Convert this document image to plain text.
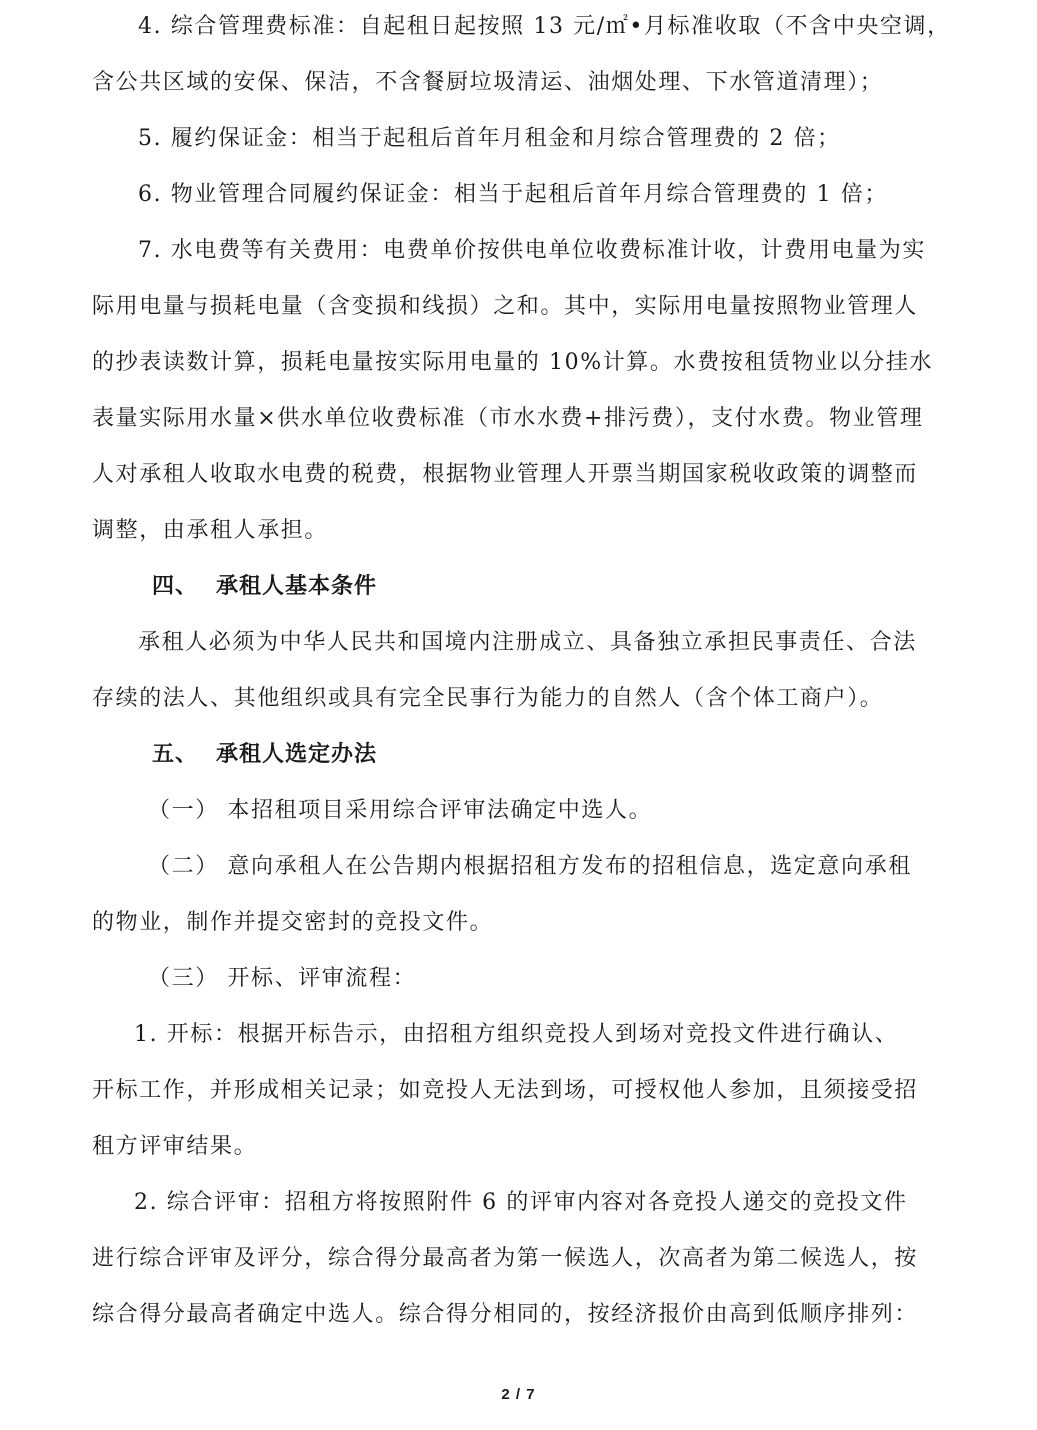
4. 综合管理费标准：自起租日起按照 13 元/㎡•月标准收取（不含中央空调，
含公共区域的安保、保洁，不含餐厨垃圾清运、油烟处理、下水管道清理）；
5. 履约保证金：相当于起租后首年月租金和月综合管理费的 2 倍；
6. 物业管理合同履约保证金：相当于起租后首年月综合管理费的 1 倍；
7. 水电费等有关费用：电费单价按供电单位收费标准计收，计费用电量为实
际用电量与损耗电量（含变损和线损）之和。其中，实际用电量按照物业管理人
的抄表读数计算，损耗电量按实际用电量的 10%计算。水费按租赁物业以分挂水
表量实际用水量×供水单位收费标准（市水水费+排污费），支付水费。物业管理
人对承租人收取水电费的税费，根据物业管理人开票当期国家税收政策的调整而
调整，由承租人承担。
四、 承租人基本条件
承租人必须为中华人民共和国境内注册成立、具备独立承担民事责任、合法
存续的法人、其他组织或具有完全民事行为能力的自然人（含个体工商户）。
五、 承租人选定办法
（一） 本招租项目采用综合评审法确定中选人。
（二） 意向承租人在公告期内根据招租方发布的招租信息，选定意向承租
的物业，制作并提交密封的竞投文件。
（三） 开标、评审流程：
1. 开标：根据开标告示，由招租方组织竞投人到场对竞投文件进行确认、
开标工作，并形成相关记录；如竞投人无法到场，可授权他人参加，且须接受招
租方评审结果。
2. 综合评审：招租方将按照附件 6 的评审内容对各竞投人递交的竞投文件
进行综合评审及评分，综合得分最高者为第一候选人，次高者为第二候选人，按
综合得分最高者确定中选人。综合得分相同的，按经济报价由高到低顺序排列：
2 / 7
